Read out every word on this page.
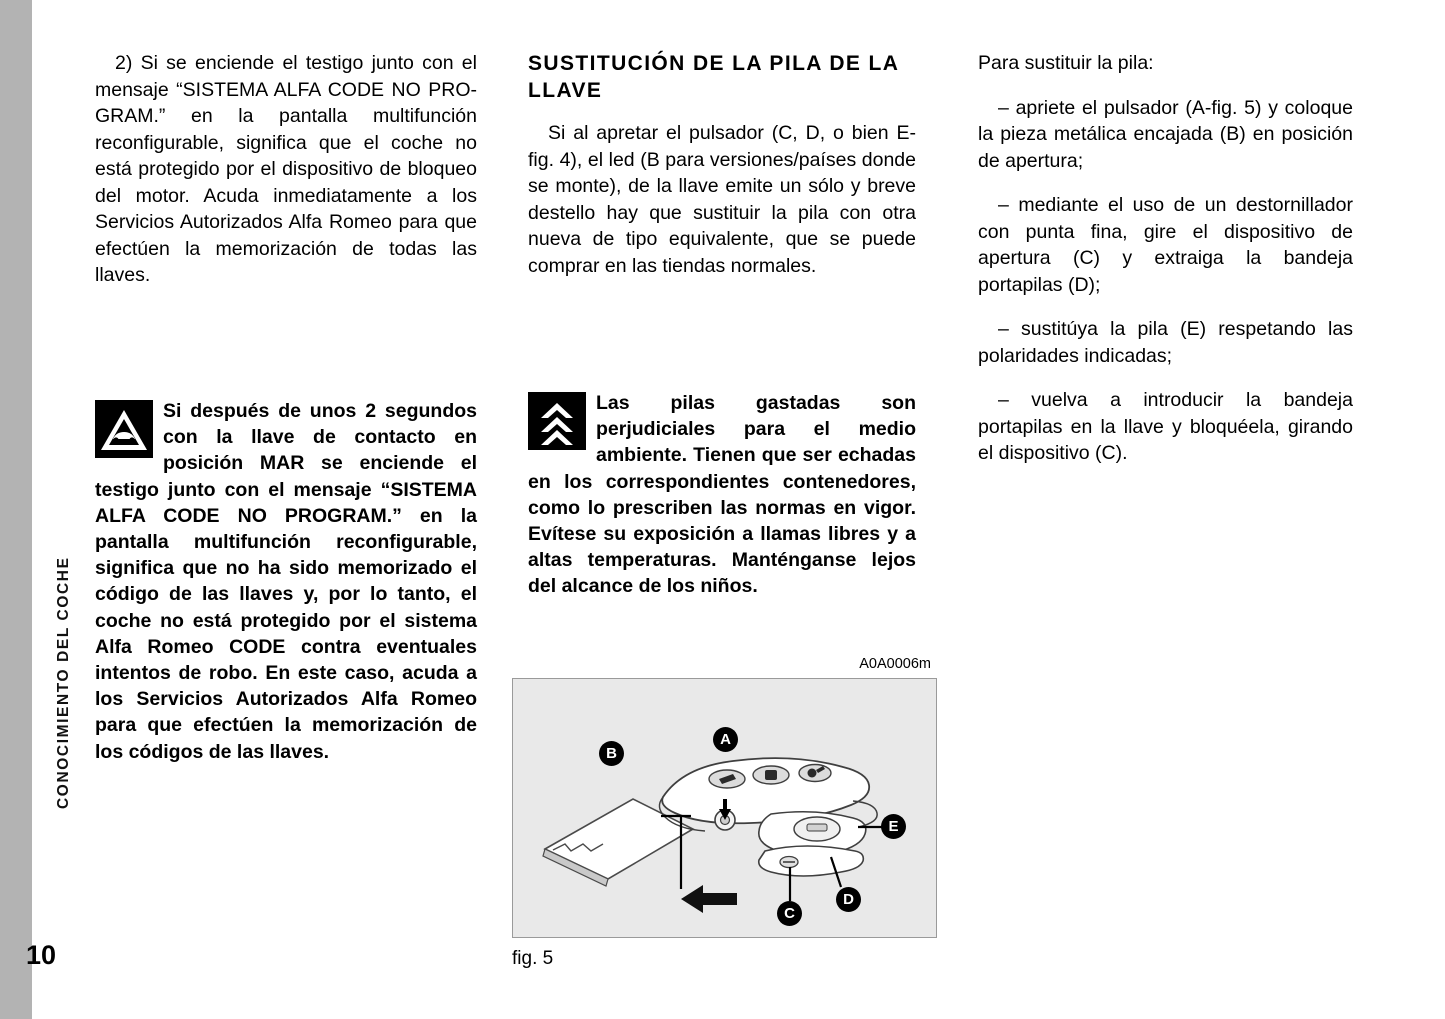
CONOCIMIENTO DEL COCHE
10

2) Si se enciende el testigo junto con el mensaje “SISTEMA ALFA CODE NO PRO-GRAM.” en la pantalla multifunción reconfigurable, significa que el coche no está protegido por el dispositivo de bloqueo del motor. Acuda inmediatamente a los Servicios Autorizados Alfa Romeo para que efectúen la memorización de todas las llaves.

Si después de unos 2 segundos con la llave de contacto en posición MAR se enciende el testigo junto con el mensaje “SISTEMA ALFA CODE NO PROGRAM.” en la pantalla multifunción reconfigurable, significa que no ha sido memorizado el código de las llaves y, por lo tanto, el coche no está protegido por el sistema Alfa Romeo CODE contra eventuales intentos de robo. En este caso, acuda a los Servicios Autorizados Alfa Romeo para que efectúen la memorización de los códigos de las llaves.
SUSTITUCIÓN DE LA PILA DE LA LLAVE

Si al apretar el pulsador (C, D, o bien E-fig. 4), el led (B para versiones/países donde se monte), de la llave emite un sólo y breve destello hay que sustituir la pila con otra nueva de tipo equivalente, que se puede comprar en las tiendas normales.

Las pilas gastadas son perjudiciales para el medio ambiente. Tienen que ser echadas en los correspondientes contenedores, como lo prescriben las normas en vigor. Evítese su exposición a llamas libres y a altas temperaturas. Manténganse lejos del alcance de los niños.
A0A0006m
A
B
C
D
E
fig. 5

Para sustituir la pila:

– apriete el pulsador (A-fig. 5) y coloque la pieza metálica encajada (B) en posición de apertura;

– mediante el uso de un destornillador con punta fina, gire el dispositivo de apertura (C) y extraiga la bandeja portapilas (D);

– sustitúya la pila (E) respetando las polaridades indicadas;

– vuelva a introducir la bandeja portapilas en la llave y bloquéela, girando el dispositivo (C).
